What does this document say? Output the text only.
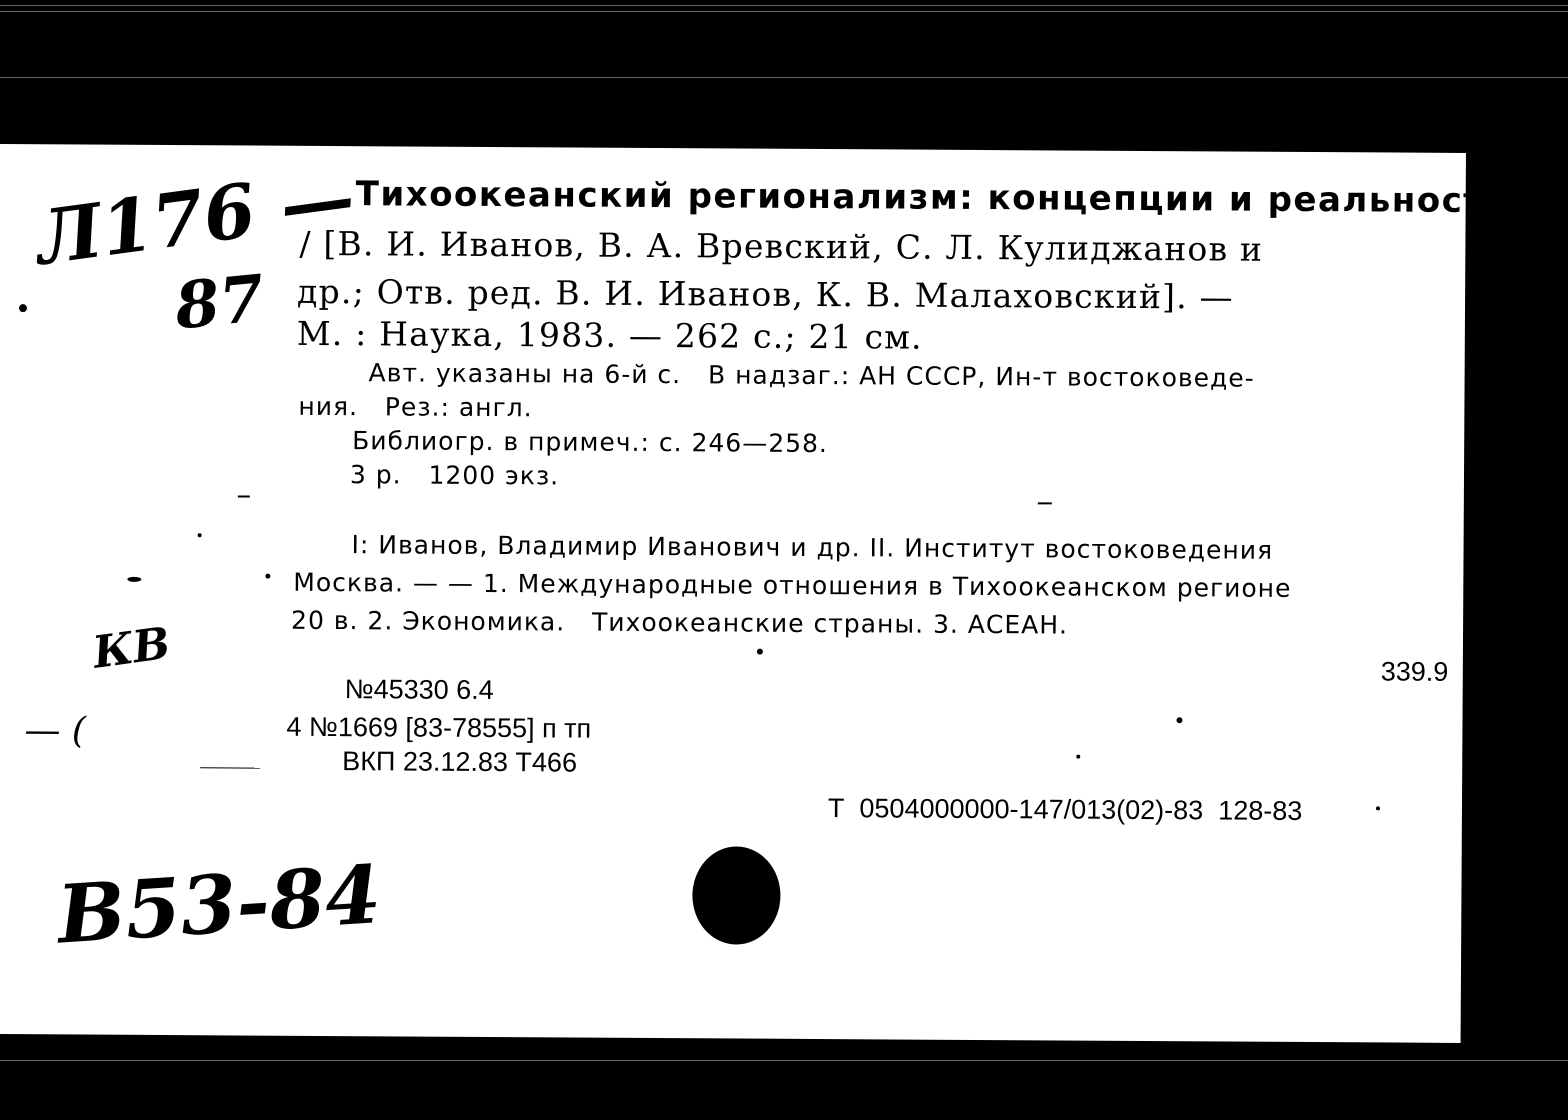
Л176 —
87
Тихоокеанский регионализм: концепции и реальность
/ [В. И. Иванов, В. А. Вревский, С. Л. Кулиджанов и
др.; Отв. ред. В. И. Иванов, К. В. Малаховский]. —
М. : Наука, 1983. — 262 с.; 21 см.
Авт. указаны на 6-й с.   В надзаг.: АН СССР, Ин-т востоковеде-
ния.   Рез.: англ.
Библиогр. в примеч.: с. 246—258.
3 р.   1200 экз.
I: Иванов, Владимир Иванович и др. II. Институт востоковедения
Москва. — — 1. Международные отношения в Тихоокеанском регионе
20 в. 2. Экономика.   Тихоокеанские страны. 3. АСЕАН.
339.9
№45330 6.4
4 №1669 [83-78555] п тп
ВКП 23.12.83 Т466
Т  0504000000-147/013(02)-83  128-83
КВ
— (
В53-84
